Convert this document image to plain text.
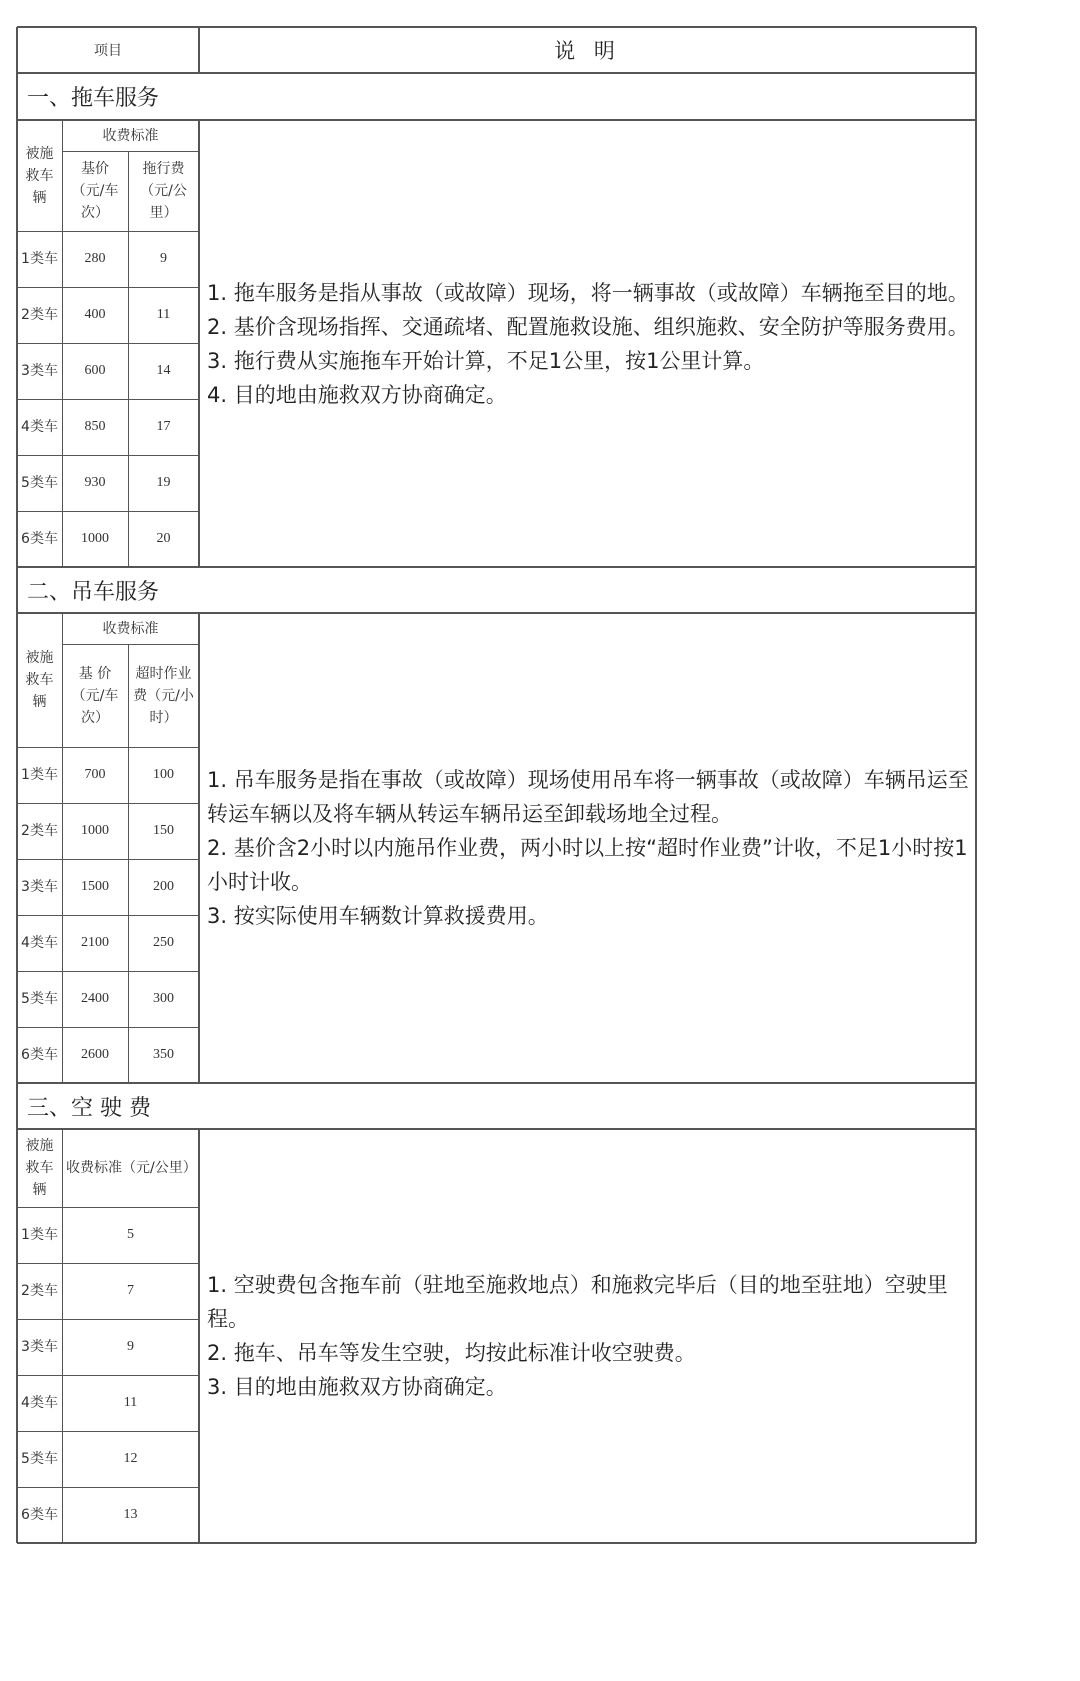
项目	说 明
一、拖车服务
被施救车辆
收费标准
基价（元/车次）
拖行费（元/公里）
1类车	280	9
2类车	400	11
3类车	600	14
4类车	850	17
5类车	930	19
6类车	1000	20

1. 拖车服务是指从事故（或故障）现场，将一辆事故（或故障）车辆拖至目的地。

2. 基价含现场指挥、交通疏堵、配置施救设施、组织施救、安全防护等服务费用。

3. 拖行费从实施拖车开始计算，不足1公里，按1公里计算。

4. 目的地由施救双方协商确定。

二、吊车服务
被施救车辆
收费标准
基 价（元/车次）
超时作业费（元/小时）
1类车	700	100
2类车	1000	150
3类车	1500	200
4类车	2100	250
5类车	2400	300
6类车	2600	350

1. 吊车服务是指在事故（或故障）现场使用吊车将一辆事故（或故障）车辆吊运至转运车辆以及将车辆从转运车辆吊运至卸载场地全过程。

2. 基价含2小时以内施吊作业费，两小时以上按“超时作业费”计收，不足1小时按1小时计收。

3. 按实际使用车辆数计算救援费用。

三、空 驶 费
被施救车辆
收费标准（元/公里）
1类车	5
2类车	7
3类车	9
4类车	11
5类车	12
6类车	13

1. 空驶费包含拖车前（驻地至施救地点）和施救完毕后（目的地至驻地）空驶里程。

2. 拖车、吊车等发生空驶，均按此标准计收空驶费。

3. 目的地由施救双方协商确定。
